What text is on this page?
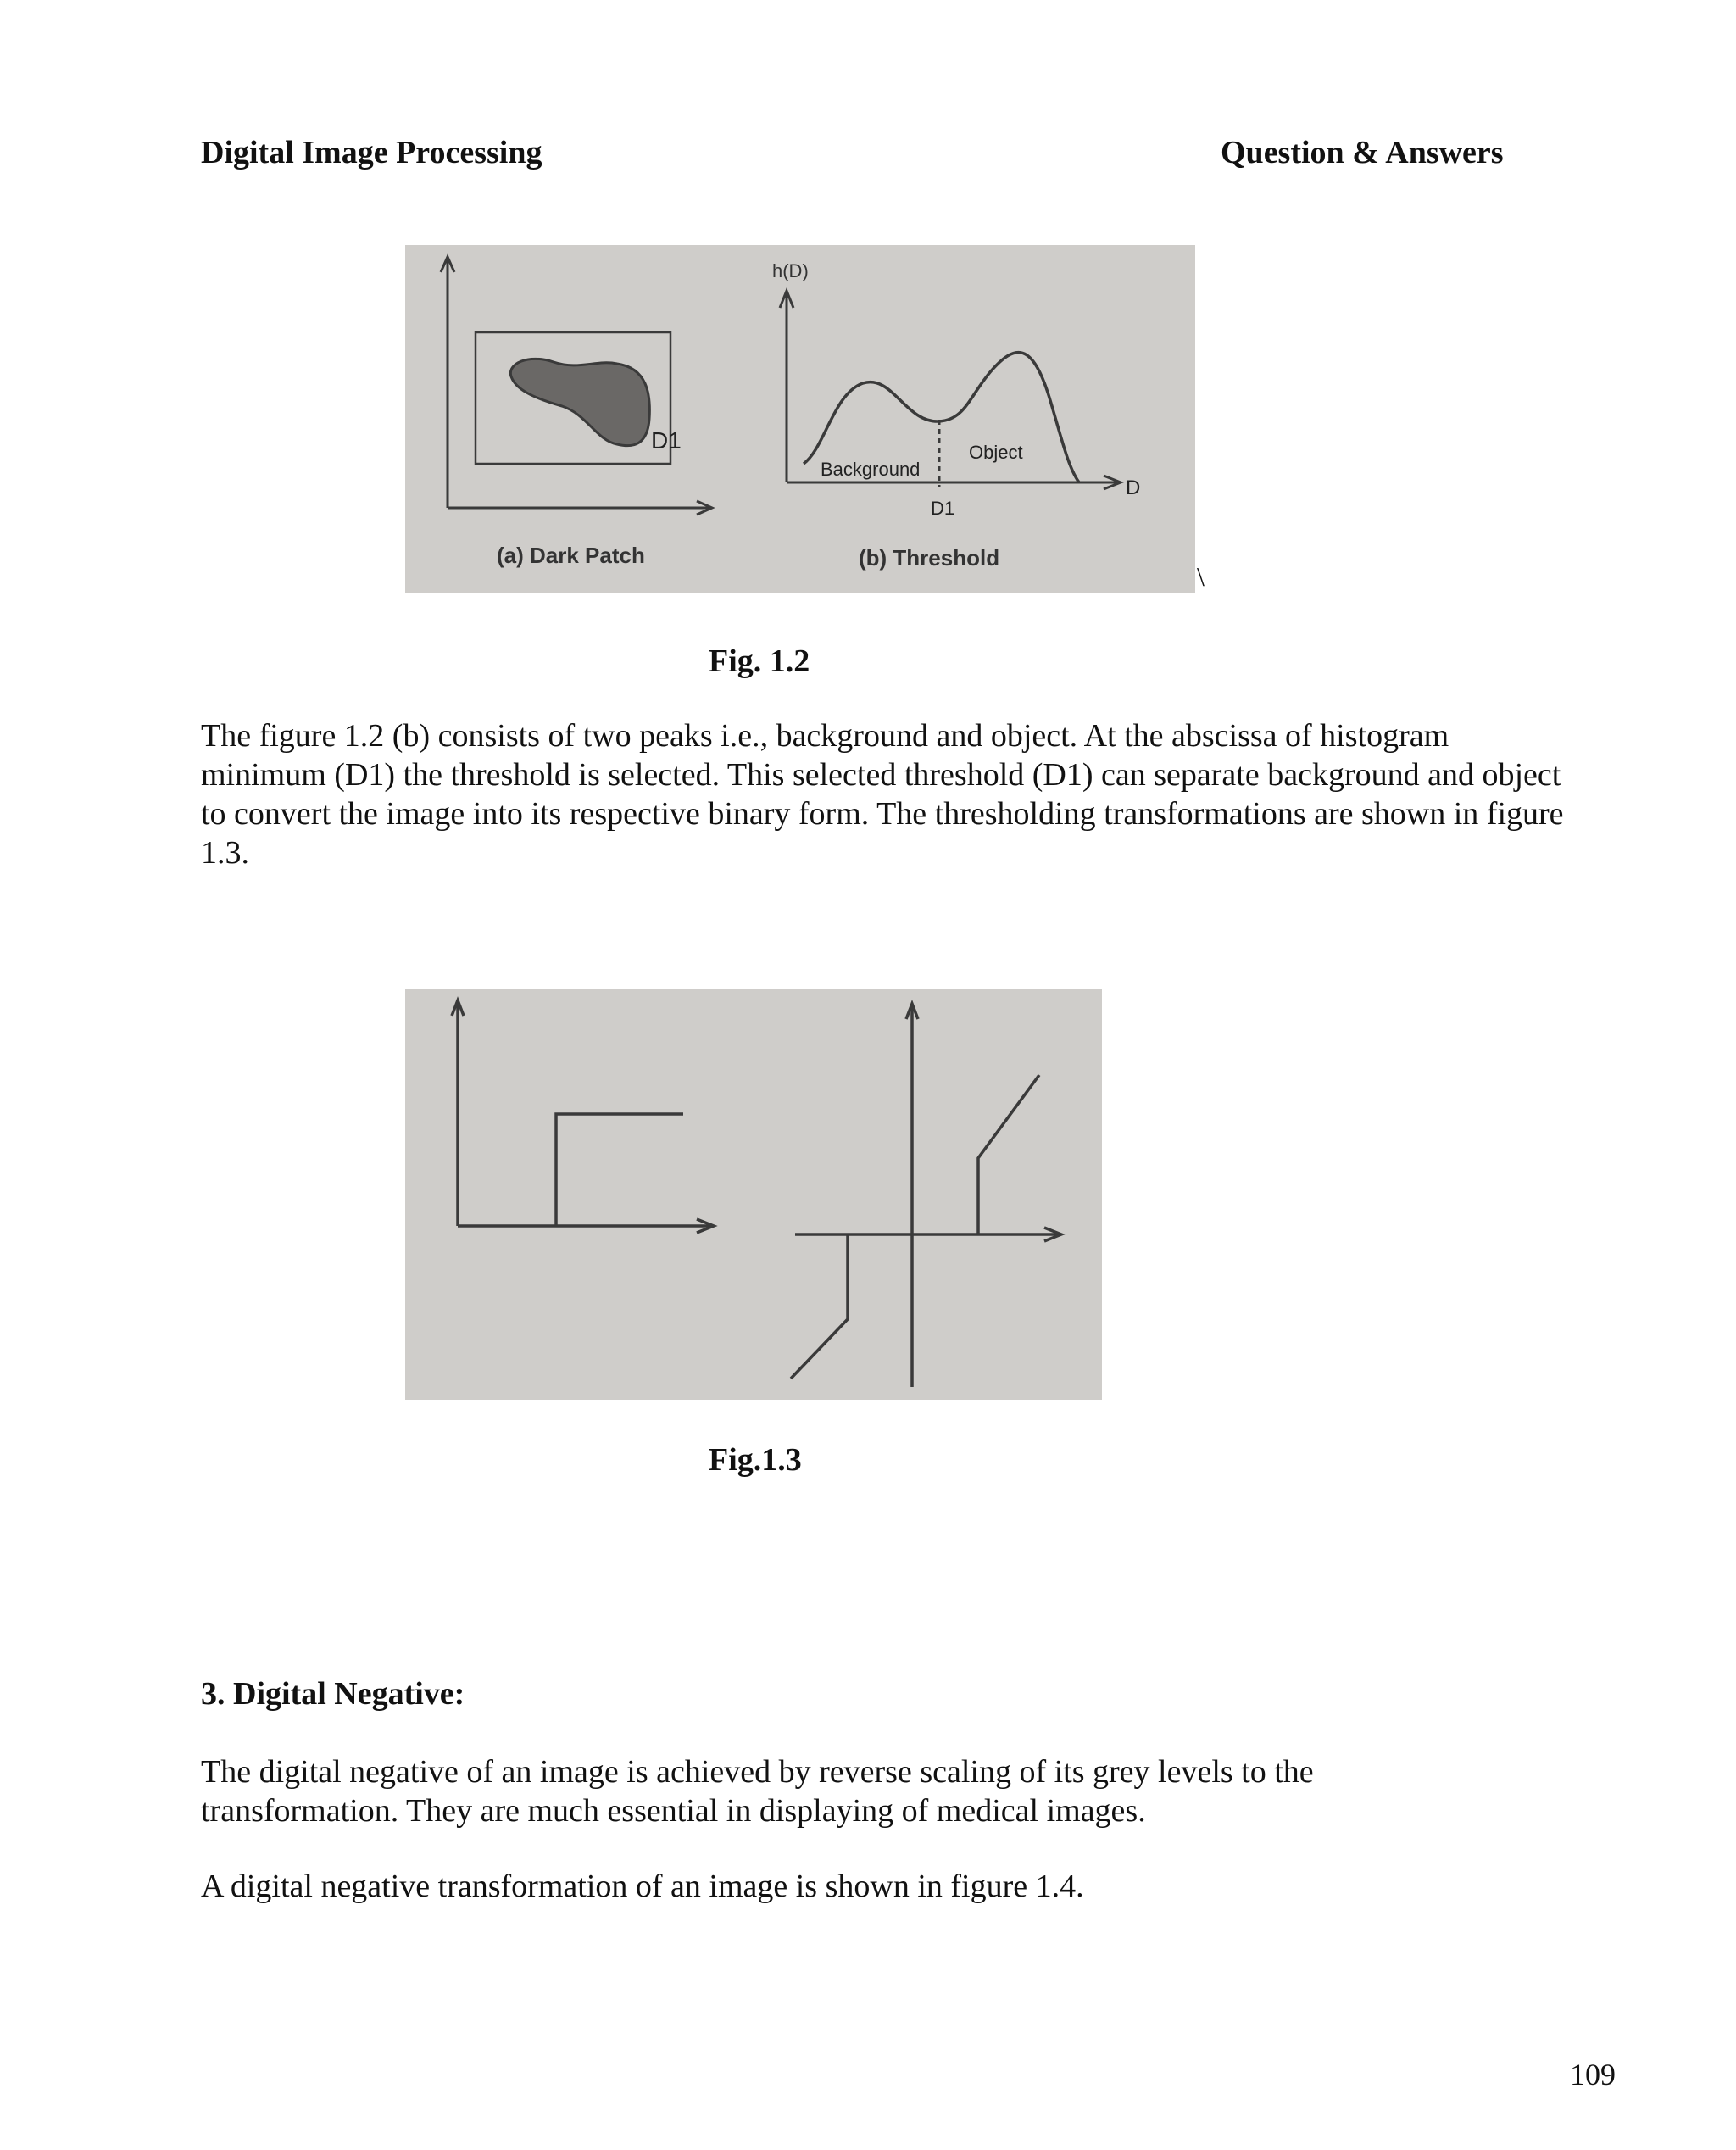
Digital Image Processing	Question & Answers
h(D)
D1
Background
Object
D1
D
(a) Dark Patch	(b) Threshold
\
Fig. 1.2
The figure 1.2 (b) consists of two peaks i.e., background and object. At the abscissa of histogram minimum (D1) the threshold is selected. This selected threshold (D1) can separate background and object to convert the image into its respective binary form. The thresholding transformations are shown in figure 1.3.
Fig.1.3
3. Digital Negative:
The digital negative of an image is achieved by reverse scaling of its grey levels to the transformation. They are much essential in displaying of medical images.
A digital negative transformation of an image is shown in figure 1.4.
109
